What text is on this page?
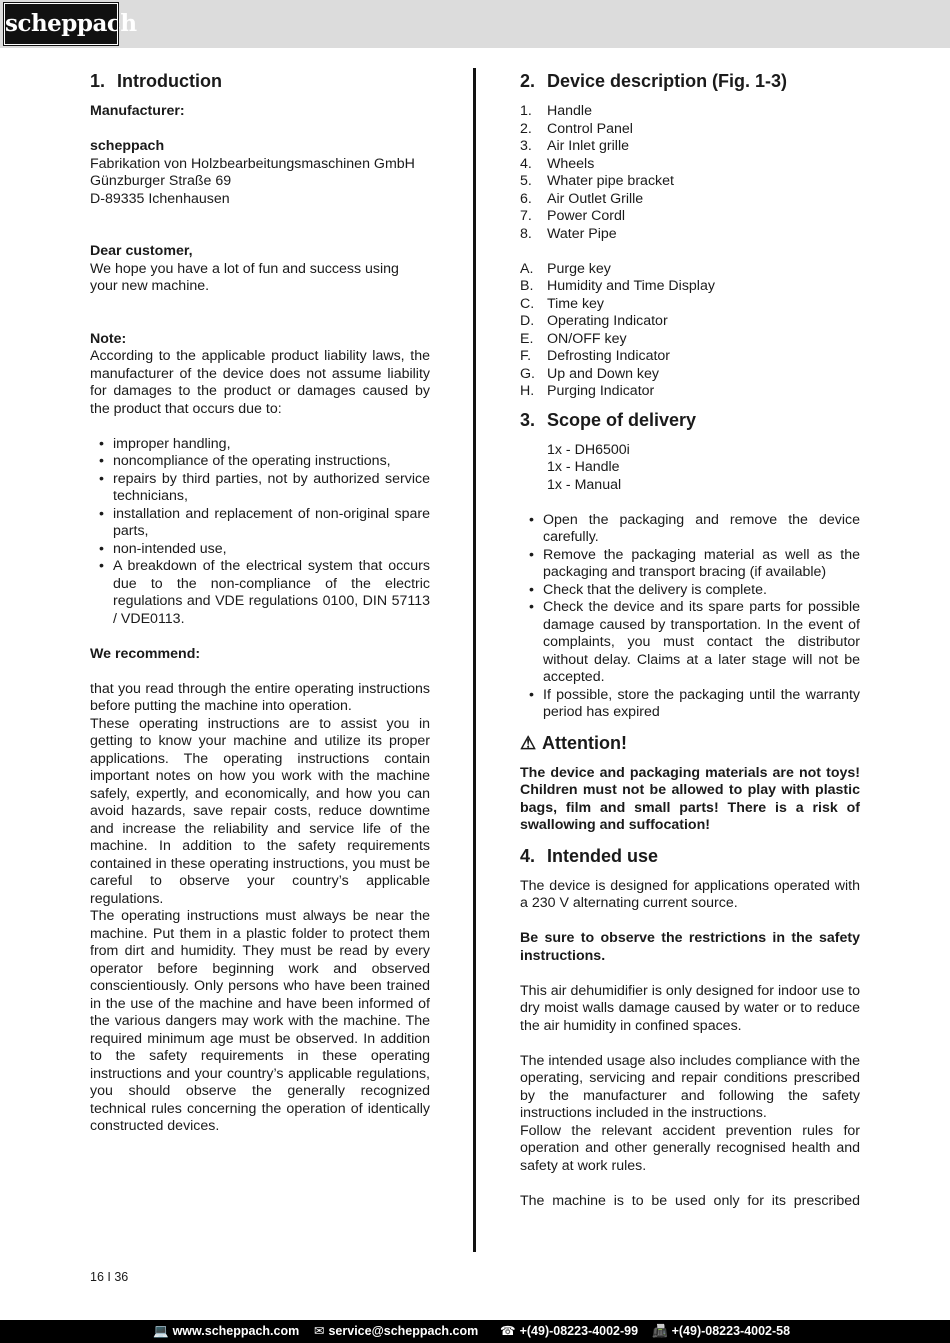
scheppach
1. Introduction

Manufacturer:

scheppach

Fabrikation von Holzbearbeitungsmaschinen GmbH

Günzburger Straße 69

D-89335 Ichenhausen

Dear customer,

We hope you have a lot of fun and success using your new machine.

Note:

According to the applicable product liability laws, the manufacturer of the device does not assume liability for damages to the product or damages caused by the product that occurs due to:

• improper handling,
• noncompliance of the operating instructions,
• repairs by third parties, not by authorized service technicians,
• installation and replacement of non-original spare parts,
• non-intended use,
• A breakdown of the electrical system that occurs due to the non-compliance of the electric regulations and VDE regulations 0100, DIN 57113 / VDE0113.

We recommend:

that you read through the entire operating instructions before putting the machine into operation.

These operating instructions are to assist you in getting to know your machine and utilize its proper applications. The operating instructions contain important notes on how you work with the machine safely, expertly, and economically, and how you can avoid hazards, save repair costs, reduce downtime and increase the reliability and service life of the machine. In addition to the safety requirements contained in these operating instructions, you must be careful to observe your country’s applicable regulations.

The operating instructions must always be near the machine. Put them in a plastic folder to protect them from dirt and humidity. They must be read by every operator before beginning work and observed conscientiously. Only persons who have been trained in the use of the machine and have been informed of the various dangers may work with the machine. The required minimum age must be observed. In addition to the safety requirements in these operating instructions and your country’s applicable regulations, you should observe the generally recognized technical rules concerning the operation of identically constructed devices.

2. Device description (Fig. 1-3)
1.	Handle
2.	Control Panel
3.	Air Inlet grille
4.	Wheels
5.	Whater pipe bracket
6.	Air Outlet Grille
7.	Power Cordl
8.	Water Pipe
A. Purge key
B. Humidity and Time Display
C. Time key
D. Operating Indicator
E. ON/OFF key
F.	Defrosting Indicator
G. Up and Down key
H. Purging Indicator
3. Scope of delivery

1x - DH6500i

1x - Handle

1x - Manual

• Open the packaging and remove the device carefully.
• Remove the packaging material as well as the packaging and transport bracing (if available)
• Check that the delivery is complete.
• Check the device and its spare parts for possible damage caused by transportation. In the event of complaints, you must contact the distributor without delay. Claims at a later stage will not be accepted.
• If possible, store the packaging until the warranty period has expired
⚠ Attention!

The device and packaging materials are not toys! Children must not be allowed to play with plastic bags, film and small parts! There is a risk of swallowing and suffocation!

4. Intended use

The device is designed for applications operated with a 230 V alternating current source.

Be sure to observe the restrictions in the safety instructions.

This air dehumidifier is only designed for indoor use to dry moist walls damage caused by water or to reduce the air humidity in confined spaces.

The intended usage also includes compliance with the operating, servicing and repair conditions prescribed by the manufacturer and following the safety instructions included in the instructions.

Follow the relevant accident prevention rules for operation and other generally recognised health and safety at work rules.

The machine is to be used only for its prescribed

16 I 36
💻 www.scheppach.com ✉ service@scheppach.com ☎ +(49)-08223-4002-99 📠 +(49)-08223-4002-58
